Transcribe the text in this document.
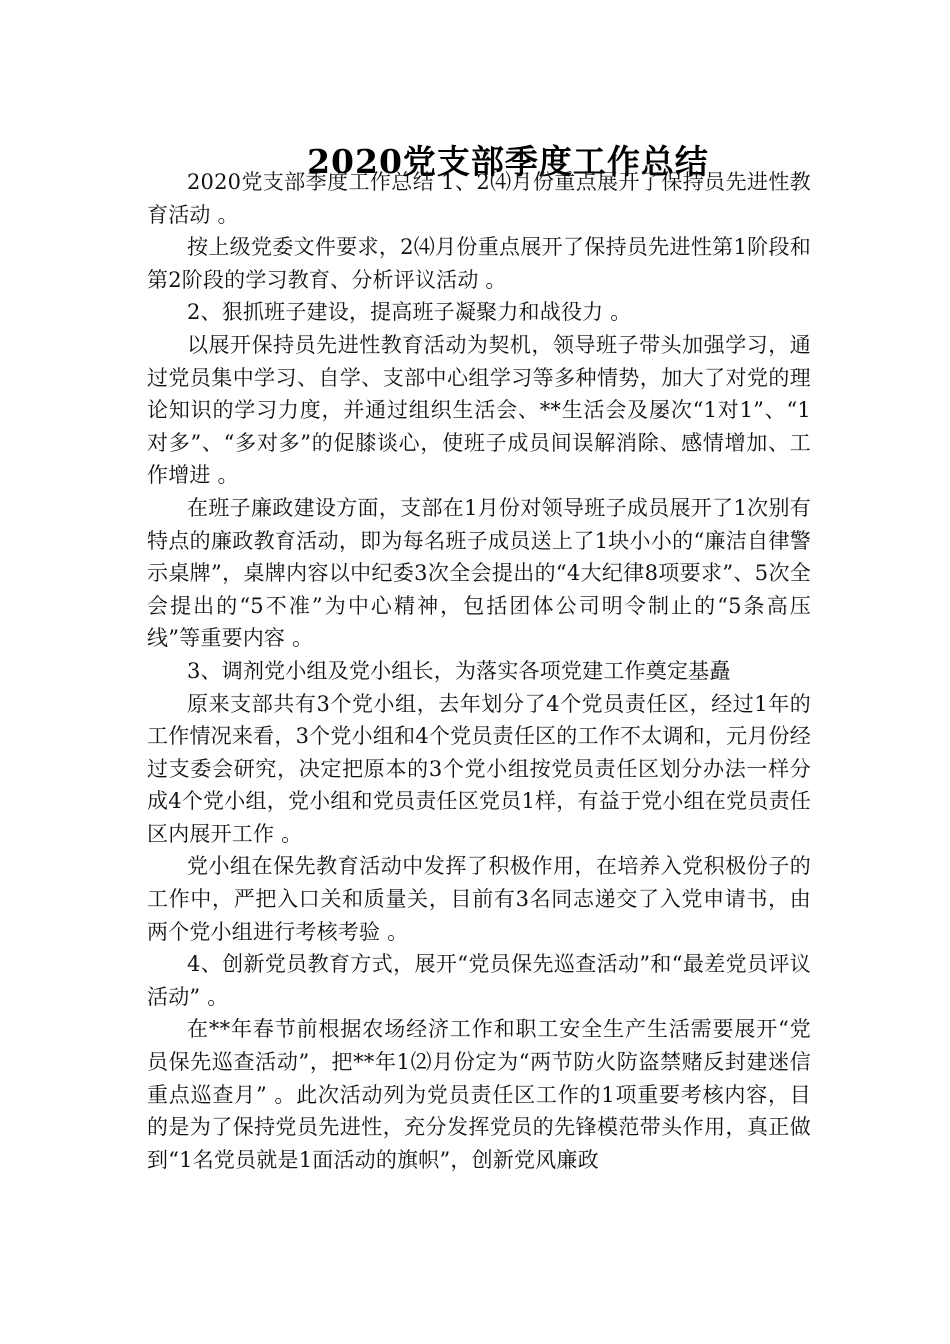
2020党支部季度工作总结

2020党支部季度工作总结 1、2⑷月份重点展开了保持员先进性教育活动 。

按上级党委文件要求，2⑷月份重点展开了保持员先进性第1阶段和第2阶段的学习教育、分析评议活动 。

2、狠抓班子建设，提高班子凝聚力和战役力 。

以展开保持员先进性教育活动为契机，领导班子带头加强学习，通过党员集中学习、自学、支部中心组学习等多种情势，加大了对党的理论知识的学习力度，并通过组织生活会、**生活会及屡次“1对1”、“1对多”、“多对多”的促膝谈心，使班子成员间误解消除、感情增加、工作增进 。

在班子廉政建设方面，支部在1月份对领导班子成员展开了1次别有特点的廉政教育活动，即为每名班子成员送上了1块小小的“廉洁自律警示桌牌”，桌牌内容以中纪委3次全会提出的“4大纪律8项要求”、5次全会提出的“5不准”为中心精神，包括团体公司明令制止的“5条高压线”等重要内容 。

3、调剂党小组及党小组长，为落实各项党建工作奠定基矗

原来支部共有3个党小组，去年划分了4个党员责任区，经过1年的工作情况来看，3个党小组和4个党员责任区的工作不太调和，元月份经过支委会研究，决定把原本的3个党小组按党员责任区划分办法一样分成4个党小组，党小组和党员责任区党员1样，有益于党小组在党员责任区内展开工作 。

党小组在保先教育活动中发挥了积极作用，在培养入党积极份子的工作中，严把入口关和质量关，目前有3名同志递交了入党申请书，由两个党小组进行考核考验 。

4、创新党员教育方式，展开“党员保先巡查活动”和“最差党员评议活动” 。

在**年春节前根据农场经济工作和职工安全生产生活需要展开“党员保先巡查活动”，把**年1⑵月份定为“两节防火防盗禁赌反封建迷信重点巡查月” 。此次活动列为党员责任区工作的1项重要考核内容，目的是为了保持党员先进性，充分发挥党员的先锋模范带头作用，真正做到“1名党员就是1面活动的旗帜”，创新党风廉政
